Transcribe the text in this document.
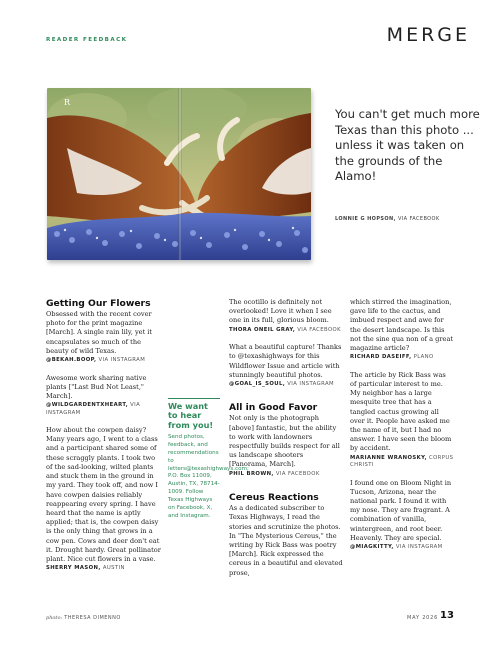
READER FEEDBACK	MERGE
R
You can't get much more Texas than this photo ... unless it was taken on the grounds of the Alamo!
LONNIE G HOPSON, VIA FACEBOOK
Getting Our Flowers
Obsessed with the recent cover photo for the print magazine [March]. A single rain lily, yet it encapsulates so much of the beauty of wild Texas.
@BEKAH.BOOP, VIA INSTAGRAM
Awesome work sharing native plants ["Last Bud Not Least," March].
@WILDGARDENTXHEART, VIA INSTAGRAM
How about the cowpen daisy? Many years ago, I went to a class and a participant shared some of these scraggly plants. I took two of the sad-looking, wilted plants and stuck them in the ground in my yard. They took off, and now I have cowpen daisies reliably reappearing every spring. I have heard that the name is aptly applied; that is, the cowpen daisy is the only thing that grows in a cow pen. Cows and deer don't eat it. Drought hardy. Great pollinator plant. Nice cut flowers in a vase.
SHERRY MASON, AUSTIN
We want to hear from you!
Send photos, feedback, and recommendations to letters@texashighways.com; P.O. Box 11009, Austin, TX, 78714-1009. Follow Texas Highways on Facebook, X, and Instagram.
The ocotillo is definitely not overlooked! Love it when I see one in its full, glorious bloom.
THORA ONEIL GRAY, VIA FACEBOOK
What a beautiful capture! Thanks to @texashighways for this Wildflower Issue and article with stunningly beautiful photos.
@GOAL_IS_SOUL, VIA INSTAGRAM
All in Good Favor
Not only is the photograph [above] fantastic, but the ability to work with landowners respectfully builds respect for all us landscape shooters [Panorama, March].
PHIL BROWN, VIA FACEBOOK
Cereus Reactions
As a dedicated subscriber to Texas Highways, I read the stories and scrutinize the photos. In "The Mysterious Cereus," the writing by Rick Bass was poetry [March]. Rick expressed the cereus in a beautiful and elevated prose,
which stirred the imagination, gave life to the cactus, and imbued respect and awe for the desert landscape. Is this not the sine qua non of a great magazine article?
RICHARD DASEIFF, PLANO
The article by Rick Bass was of particular interest to me. My neighbor has a large mesquite tree that has a tangled cactus growing all over it. People have asked me the name of it, but I had no answer. I have seen the bloom by accident.
MARIANNE WRANOSKY, CORPUS CHRISTI
I found one on Bloom Night in Tucson, Arizona, near the national park. I found it with my nose. They are fragrant. A combination of vanilla, wintergreen, and root beer. Heavenly. They are special.
@MIAGKITTY, VIA INSTAGRAM
photo: THERESA DIMENNO	MAY 2026 13
